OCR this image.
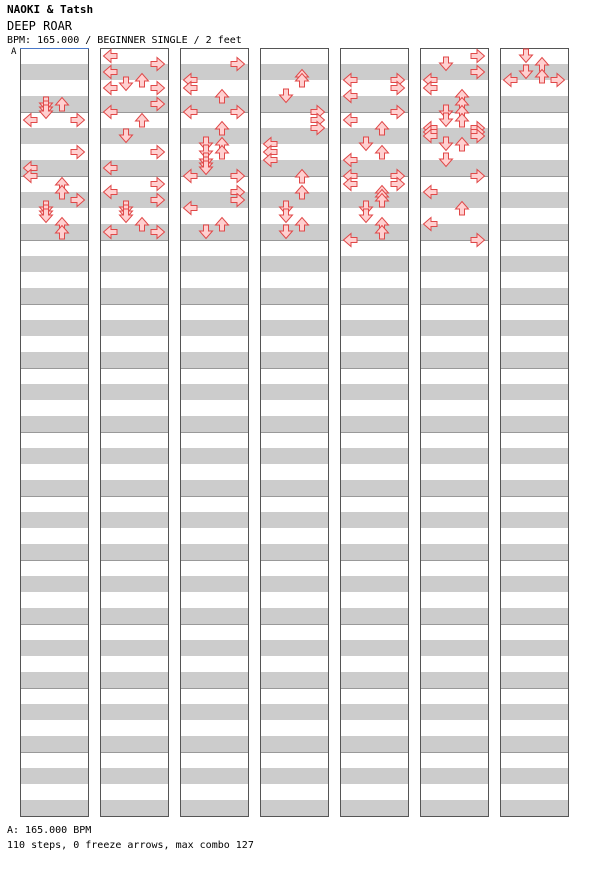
NAOKI & Tatsh
DEEP ROAR
BPM: 165.000 / BEGINNER SINGLE / 2 feet
A
A: 165.000 BPM
110 steps, 0 freeze arrows, max combo 127
